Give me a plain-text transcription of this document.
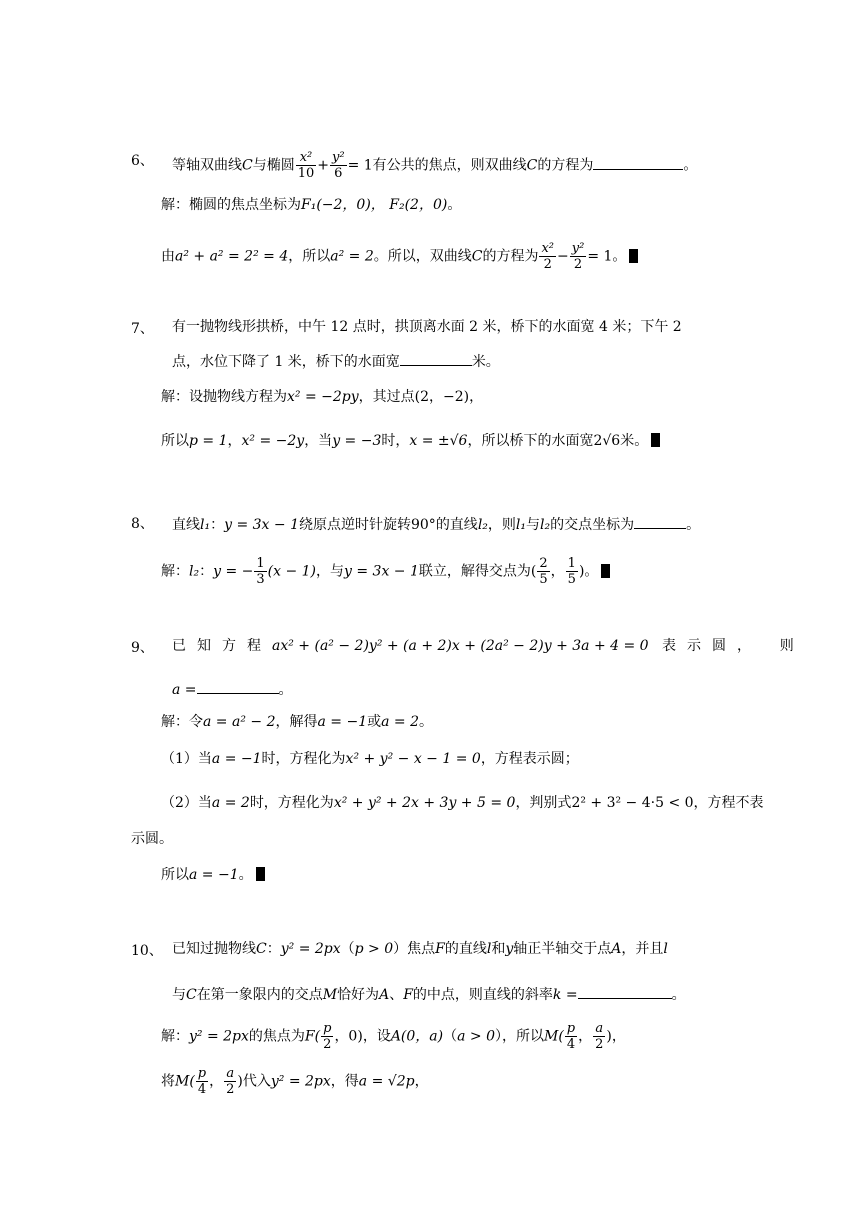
6、 等轴双曲线C与椭圆 $\frac{\text{x²}}{10} + \frac{\text{y²}}{6} = 1$有公共的焦点，则双曲线C的方程为	。
解：椭圆的焦点坐标为F₁(−2，0)， F₂(2，0)。
由a² + a² = 2² = 4，所以a² = 2。所以，双曲线C的方程为 $\frac{\text{x²}}{2} - \frac{\text{y²}}{2} = 1$。
7、 有一抛物线形拱桥，中午 12 点时，拱顶离水面 2 米，桥下的水面宽 4 米；下午 2
点，水位下降了 1 米，桥下的水面宽	米。
解：设抛物线方程为x² = −2py，其过点(2，−2)，
所以p = 1，x² = −2y，当y = −3时，x = ±√6，所以桥下的水面宽2√6米。
8、 直线l₁：y = 3x − 1绕原点逆时针旋转90°的直线l₂，则l₁与l₂的交点坐标为	。
解：l₂：y = − $\frac{1}{3} (x - 1)$，与y = 3x − 1联立，解得交点为( $\frac{2}{5}$ ， $\frac{1}{5}$ )。
9、 已知方程ax² + (a² − 2)y² + (a + 2)x + (2a² − 2)y + 3a + 4 = 0 表示圆， 则
a =	。
解：令a = a² − 2，解得a = −1或a = 2。
（1）当a = −1时，方程化为x² + y² − x − 1 = 0，方程表示圆；
（2）当a = 2时，方程化为x² + y² + 2x + 3y + 5 = 0，判别式2² + 3² − 4·5 < 0，方程不表
示圆。
所以a = −1。
10、 已知过抛物线C：y² = 2px（p > 0）焦点F的直线l和y轴正半轴交于点A，并且l
与C在第一象限内的交点M恰好为A、F的中点，则直线的斜率k =	。
解：y² = 2px的焦点为$F( \frac{p}{2}$ ，0)，设A(0，a)（a > 0），所以$M( \frac{p}{4}$ ， $\frac{a}{2}$ )，
将$M( \frac{p}{4}$ ， $\frac{a}{2}$ )代入y² = 2px，得a = √2p，
